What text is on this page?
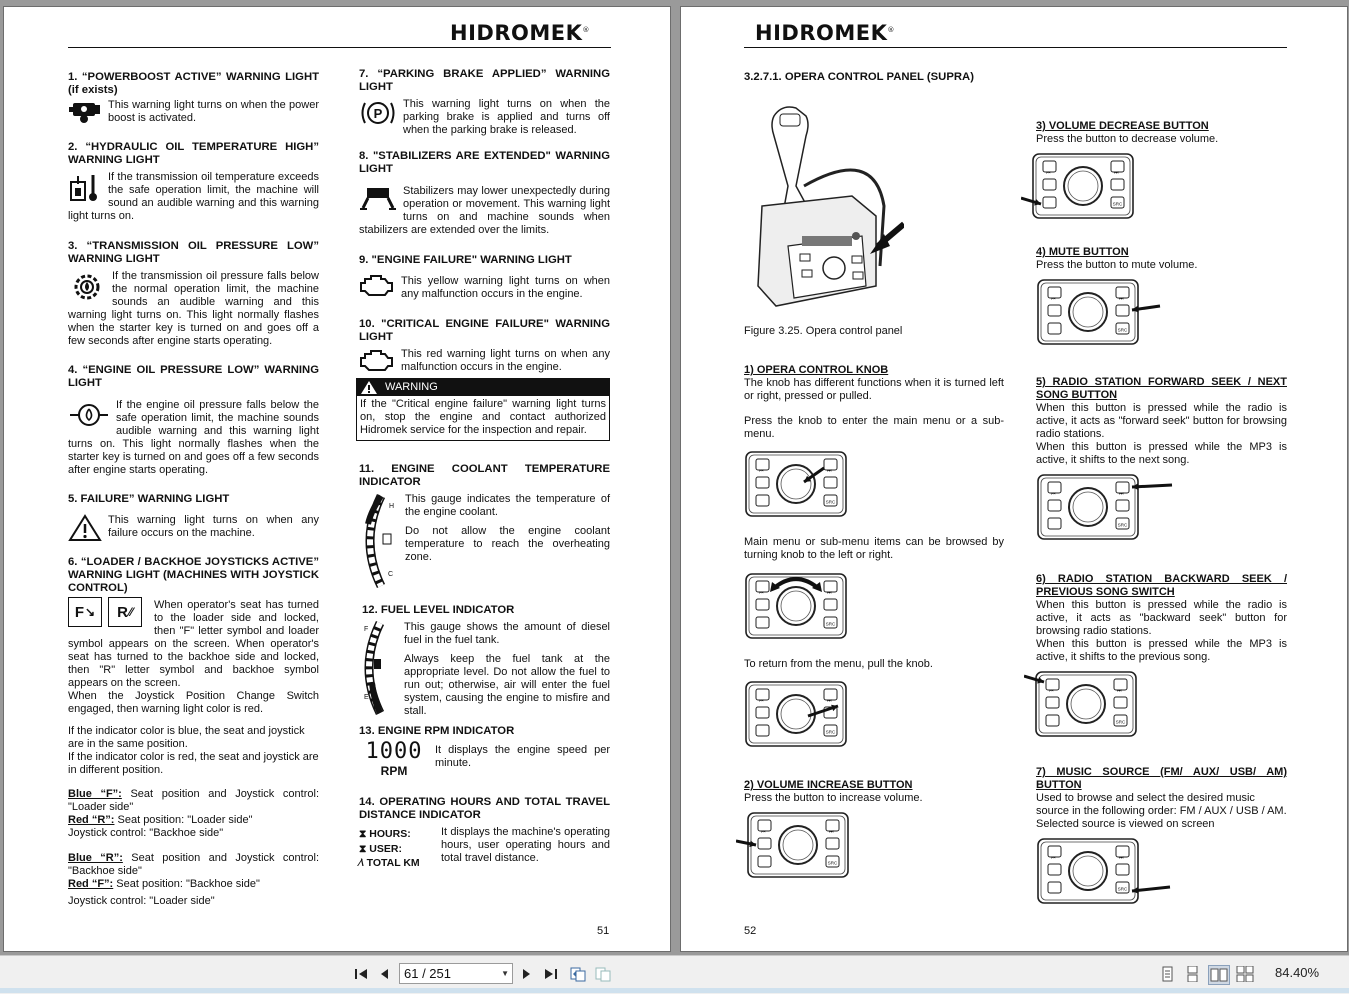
HIDROMEK®

1. “POWERBOOST ACTIVE” WARNING LIGHT (if exists)

This warning light turns on when the power boost is activated.

2. “HYDRAULIC OIL TEMPERATURE HIGH” WARNING LIGHT

If the transmission oil temperature exceeds the safe operation limit, the machine will sound an audible warning and this warning light turns on.

3. “TRANSMISSION OIL PRESSURE LOW” WARNING LIGHT

If the transmission oil pressure falls below the normal operation limit, the machine sounds an audible warning and this warning light turns on. This light normally flashes when the starter key is turned on and goes off a few seconds after engine starts operating.

4. “ENGINE OIL PRESSURE LOW” WARNING LIGHT

If the engine oil pressure falls below the safe operation limit, the machine sounds audible warning and this warning light turns on. This light normally flashes when the starter key is turned on and goes off a few seconds after engine starts operating.

5. FAILURE” WARNING LIGHT

This warning light turns on when any failure occurs on the machine.

6. “LOADER / BACKHOE JOYSTICKS ACTIVE” WARNING LIGHT (MACHINES WITH JOYSTICK CONTROL)

F ↘ R ⁄⁄	When operator's seat has turned to the loader side and locked, then "F" letter symbol and loader symbol appears on the screen. When operator's seat has turned to the backhoe side and locked, then "R" letter symbol and backhoe symbol appears on the screen.

When the Joystick Position Change Switch engaged, then warning light color is red.

If the indicator color is blue, the seat and joystick are in the same position.

If the indicator color is red, the seat and joystick are in different position.

Blue “F”: Seat position and Joystick control: "Loader side"

Red “R”: Seat position: "Loader side"

Joystick control: "Backhoe side"

Blue “R”: Seat position and Joystick control: "Backhoe side"

Red “F”: Seat position: "Backhoe side"

Joystick control: "Loader side"

7. “PARKING BRAKE APPLIED” WARNING LIGHT

P

This warning light turns on when the parking brake is applied and turns off when the parking brake is released.

8. "STABILIZERS ARE EXTENDED" WARNING LIGHT

Stabilizers may lower unexpectedly during operation or movement. This warning light turns on and machine sounds when stabilizers are extended over the limits.

9. "ENGINE FAILURE" WARNING LIGHT

This yellow warning light turns on when any malfunction occurs in the engine.

10. "CRITICAL ENGINE FAILURE" WARNING LIGHT

This red warning light turns on when any malfunction occurs in the engine.

WARNING
If the "Critical engine failure" warning light turns on, stop the engine and contact authorized Hidromek service for the inspection and repair.

11. ENGINE COOLANT TEMPERATURE INDICATOR

H
C

This gauge indicates the temperature of the engine coolant.

Do not allow the engine coolant temperature to reach the overheating zone.

12. FUEL LEVEL INDICATOR

F
E

This gauge shows the amount of diesel fuel in the fuel tank.

Always keep the fuel tank at the appropriate level. Do not allow the fuel to run out; otherwise, air will enter the fuel system, causing the engine to misfire and stall.

13. ENGINE RPM INDICATOR

1000
RPM

It displays the engine speed per minute.

14. OPERATING HOURS AND TOTAL TRAVEL DISTANCE INDICATOR

⧗ HOURS:
⧗ USER:
⁄\ TOTAL KM

It displays the machine's operating hours, user operating hours and total travel distance.

51
HIDROMEK®

3.2.7.1. OPERA CONTROL PANEL (SUPRA)

Figure 3.25. Opera control panel

1) OPERA CONTROL KNOB

The knob has different functions when it is turned left or right, pressed or pulled.

Press the knob to enter the main menu or a sub-menu.

SRC
⏮	⏭

Main menu or sub-menu items can be browsed by turning knob to the left or right.

SRC
⏮	⏭

To return from the menu, pull the knob.

SRC
⏮	⏭

2) VOLUME INCREASE BUTTON

Press the button to increase volume.

SRC
⏮	⏭

3) VOLUME DECREASE BUTTON

Press the button to decrease volume.

SRC
⏮	⏭

4) MUTE BUTTON

Press the button to mute volume.

SRC
⏮	⏭

5) RADIO STATION FORWARD SEEK / NEXT SONG BUTTON

When this button is pressed while the radio is active, it acts as "forward seek" button for browsing radio stations.

When this button is pressed while the MP3 is active, it shifts to the next song.

SRC
⏮	⏭

6) RADIO STATION BACKWARD SEEK / PREVIOUS SONG SWITCH

When this button is pressed while the radio is active, it acts as "backward seek" button for browsing radio stations.

When this button is pressed while the MP3 is active, it shifts to the previous song.

SRC
⏮	⏭

7) MUSIC SOURCE (FM/ AUX/ USB/ AM) BUTTON

Used to browse and select the desired music source in the following order: FM / AUX / USB / AM. Selected source is viewed on screen

SRC
⏮	⏭
52
61 / 251	▼	84.40%
